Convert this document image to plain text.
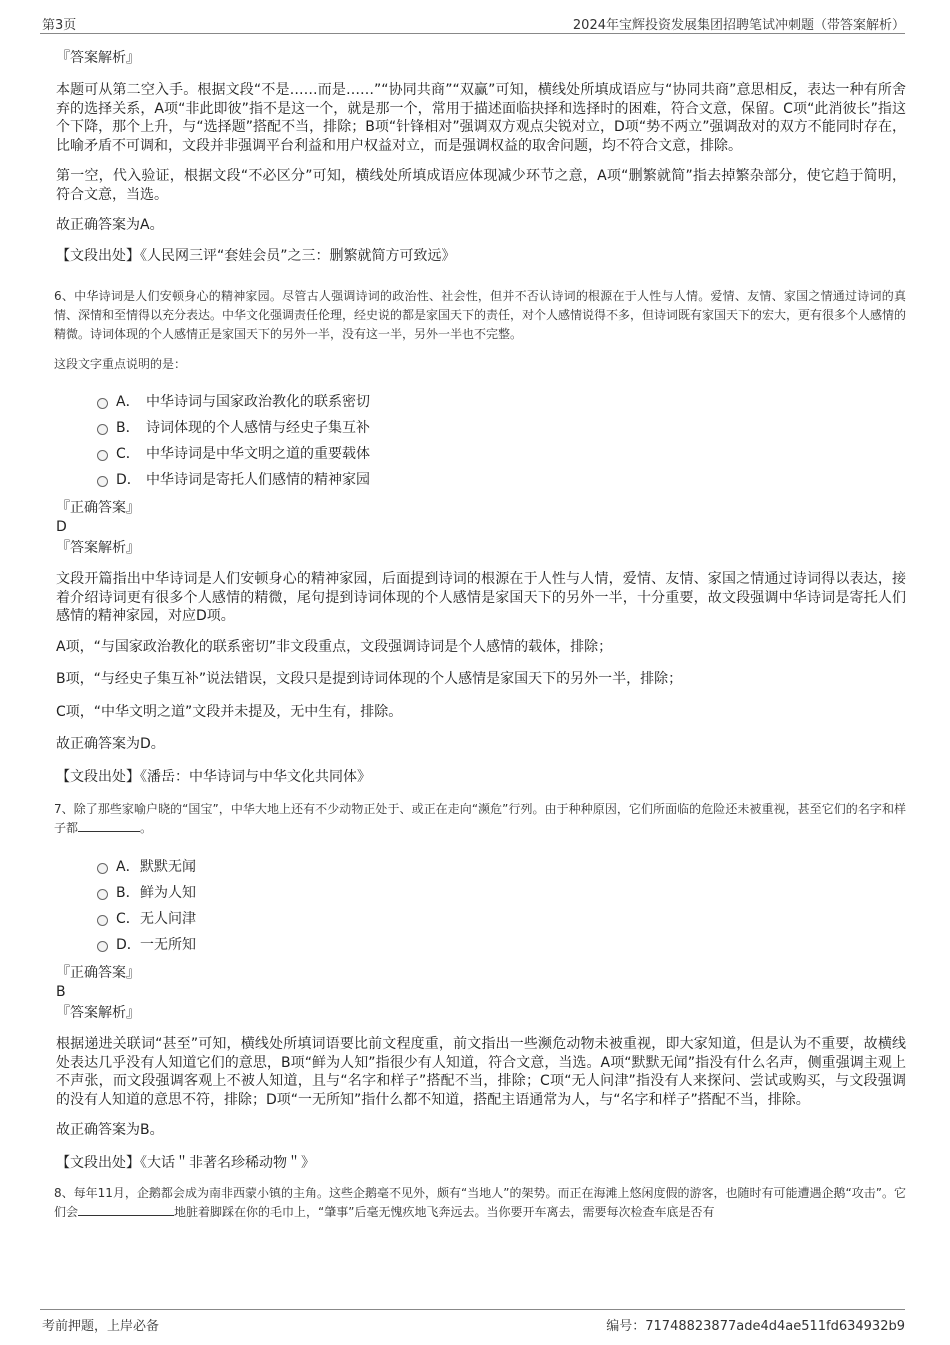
第3页	2024年宝辉投资发展集团招聘笔试冲刺题（带答案解析）
『答案解析』
本题可从第二空入手。根据文段“不是……而是……”“协同共商”“双赢”可知，横线处所填成语应与“协同共商”意思相反，表达一种有所舍弃的选择关系，A项“非此即彼”指不是这一个，就是那一个，常用于描述面临抉择和选择时的困难，符合文意，保留。C项“此消彼长”指这个下降，那个上升，与“选择题”搭配不当，排除；B项“针锋相对”强调双方观点尖锐对立，D项“势不两立”强调敌对的双方不能同时存在，比喻矛盾不可调和，文段并非强调平台利益和用户权益对立，而是强调权益的取舍问题，均不符合文意，排除。
第一空，代入验证，根据文段“不必区分”可知，横线处所填成语应体现减少环节之意，A项“删繁就简”指去掉繁杂部分，使它趋于简明，符合文意，当选。
故正确答案为A。
【文段出处】《人民网三评“套娃会员”之三：删繁就简方可致远》
6、中华诗词是人们安顿身心的精神家园。尽管古人强调诗词的政治性、社会性，但并不否认诗词的根源在于人性与人情。爱情、友情、家国之情通过诗词的真情、深情和至情得以充分表达。中华文化强调责任伦理，经史说的都是家国天下的责任，对个人感情说得不多，但诗词既有家国天下的宏大，更有很多个人感情的精微。诗词体现的个人感情正是家国天下的另外一半，没有这一半，另外一半也不完整。
这段文字重点说明的是：
A． 中华诗词与国家政治教化的联系密切
B． 诗词体现的个人感情与经史子集互补
C． 中华诗词是中华文明之道的重要载体
D． 中华诗词是寄托人们感情的精神家园
『正确答案』
D
『答案解析』
文段开篇指出中华诗词是人们安顿身心的精神家园，后面提到诗词的根源在于人性与人情，爱情、友情、家国之情通过诗词得以表达，接着介绍诗词更有很多个人感情的精微，尾句提到诗词体现的个人感情是家国天下的另外一半，十分重要，故文段强调中华诗词是寄托人们感情的精神家园，对应D项。
A项，“与国家政治教化的联系密切”非文段重点，文段强调诗词是个人感情的载体，排除；
B项，“与经史子集互补”说法错误，文段只是提到诗词体现的个人感情是家国天下的另外一半，排除；
C项，“中华文明之道”文段并未提及，无中生有，排除。
故正确答案为D。
【文段出处】《潘岳：中华诗词与中华文化共同体》
7、除了那些家喻户晓的“国宝”，中华大地上还有不少动物正处于、或正在走向“濒危”行列。由于种种原因，它们所面临的危险还未被重视，甚至它们的名字和样子都	。
A． 默默无闻
B． 鲜为人知
C． 无人问津
D． 一无所知
『正确答案』
B
『答案解析』
根据递进关联词“甚至”可知，横线处所填词语要比前文程度重，前文指出一些濒危动物未被重视，即大家知道，但是认为不重要，故横线处表达几乎没有人知道它们的意思，B项“鲜为人知”指很少有人知道，符合文意，当选。A项“默默无闻”指没有什么名声，侧重强调主观上不声张，而文段强调客观上不被人知道，且与“名字和样子”搭配不当，排除；C项“无人问津”指没有人来探问、尝试或购买，与文段强调的没有人知道的意思不符，排除；D项“一无所知”指什么都不知道，搭配主语通常为人，与“名字和样子”搭配不当，排除。
故正确答案为B。
【文段出处】《大话＂非著名珍稀动物＂》
8、每年11月，企鹅都会成为南非西蒙小镇的主角。这些企鹅毫不见外，颇有“当地人”的架势。而正在海滩上悠闲度假的游客，也随时有可能遭遇企鹅“攻击”。它们会	地脏着脚踩在你的毛巾上，“肇事”后毫无愧疚地飞奔远去。当你要开车离去，需要每次检查车底是否有
考前押题，上岸必备	编号：71748823877ade4d4ae511fd634932b9
